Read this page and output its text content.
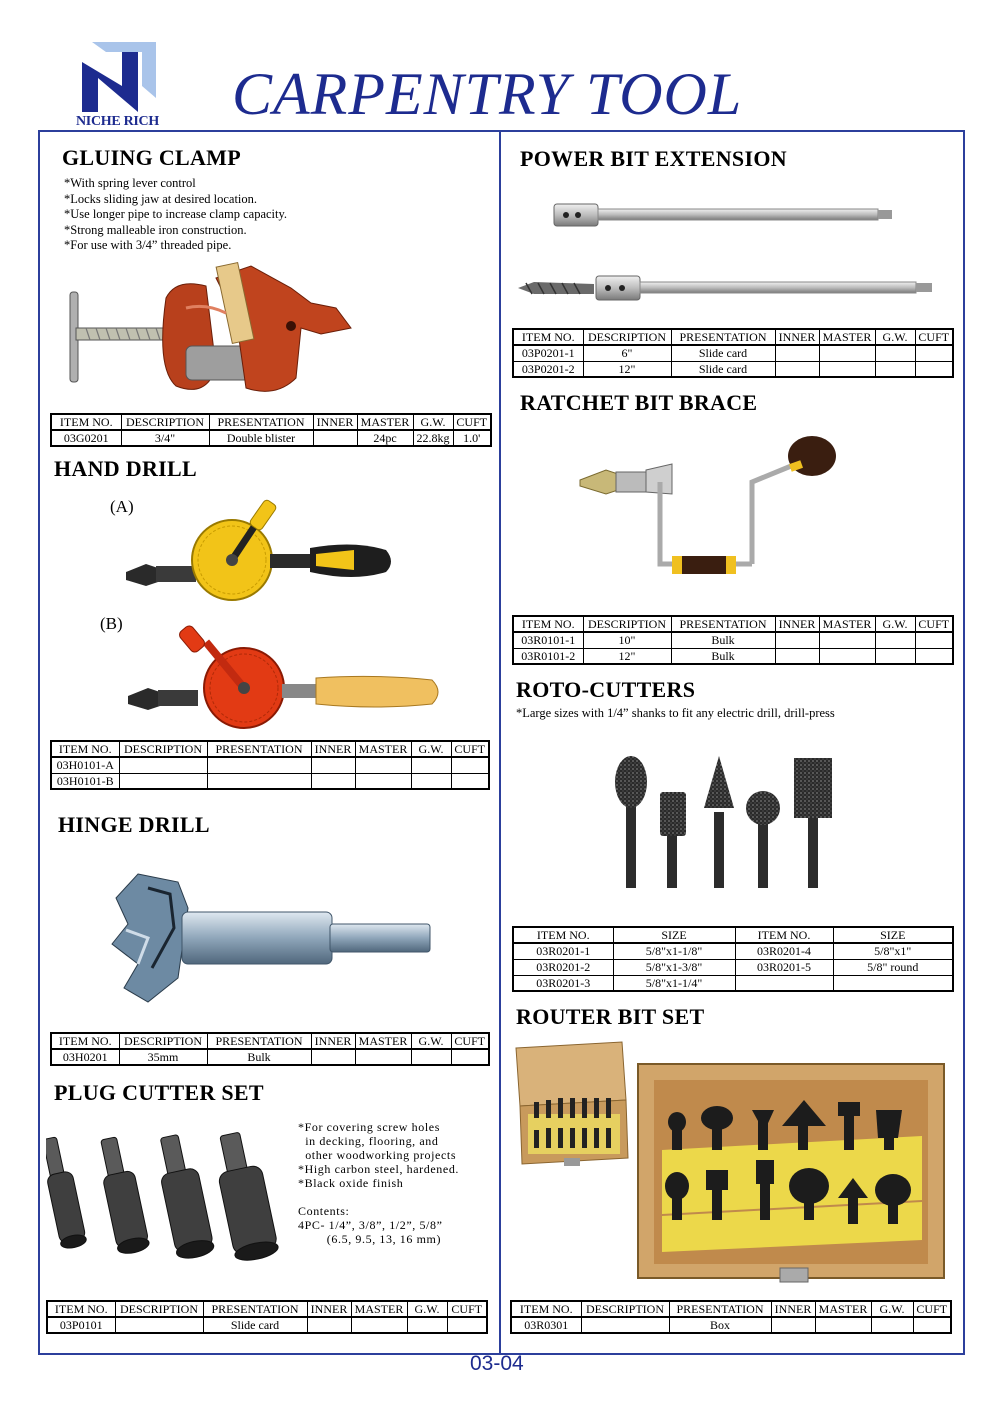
NICHE RICH CARPENTRY TOOL
GLUING CLAMP
*With spring lever control
*Locks sliding jaw at desired location.
*Use longer pipe to increase clamp capacity.
*Strong malleable iron construction.
*For use with 3/4” threaded pipe.
ITEM NO.	DESCRIPTION	PRESENTATION	INNER	MASTER	G.W.	CUFT
03G0201	3/4"	Double blister		24pc	22.8kg	1.0'
HAND DRILL
(A)
(B)
ITEM NO.	DESCRIPTION	PRESENTATION	INNER	MASTER	G.W.	CUFT
03H0101-A						
03H0101-B						
HINGE DRILL
ITEM NO.	DESCRIPTION	PRESENTATION	INNER	MASTER	G.W.	CUFT
03H0201	35mm	Bulk				
PLUG CUTTER SET
*For covering screw holes
in decking, flooring, and
other woodworking projects
*High carbon steel, hardened.
*Black oxide finish
Contents:
4PC- 1/4”, 3/8”, 1/2”, 5/8”
(6.5, 9.5, 13, 16 mm)
ITEM NO.	DESCRIPTION	PRESENTATION	INNER	MASTER	G.W.	CUFT
03P0101		Slide card				
POWER BIT EXTENSION
ITEM NO.	DESCRIPTION	PRESENTATION	INNER	MASTER	G.W.	CUFT
03P0201-1	6"	Slide card				
03P0201-2	12"	Slide card				
RATCHET BIT BRACE
ITEM NO.	DESCRIPTION	PRESENTATION	INNER	MASTER	G.W.	CUFT
03R0101-1	10"	Bulk				
03R0101-2	12"	Bulk				
ROTO-CUTTERS
*Large sizes with 1/4” shanks to fit any electric drill, drill-press
ITEM NO.	SIZE	ITEM NO.	SIZE
03R0201-1	5/8"x1-1/8"	03R0201-4	5/8"x1"
03R0201-2	5/8"x1-3/8"	03R0201-5	5/8" round
03R0201-3	5/8"x1-1/4"		
ROUTER BIT SET
ITEM NO.	DESCRIPTION	PRESENTATION	INNER	MASTER	G.W.	CUFT
03R0301		Box				
03-04
